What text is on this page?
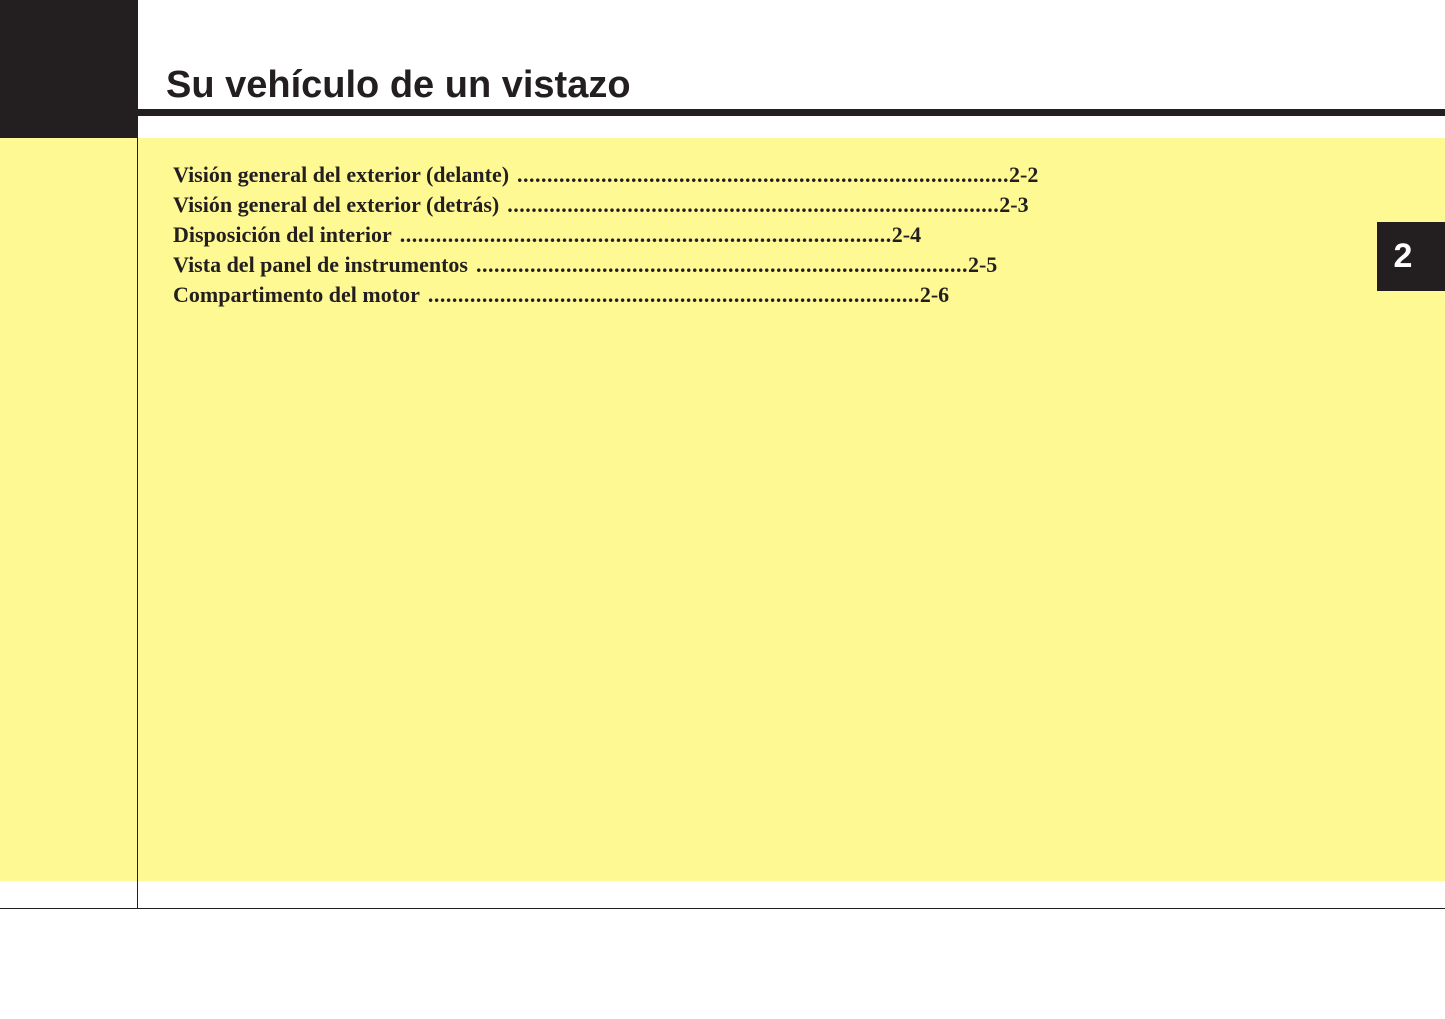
Su vehículo de un vistazo
Visión general del exterior (delante) .................................................................................. 2-2
Visión general del exterior (detrás) .................................................................................. 2-3
Disposición del interior .................................................................................. 2-4
Vista del panel de instrumentos .................................................................................. 2-5
Compartimento del motor .................................................................................. 2-6
2
